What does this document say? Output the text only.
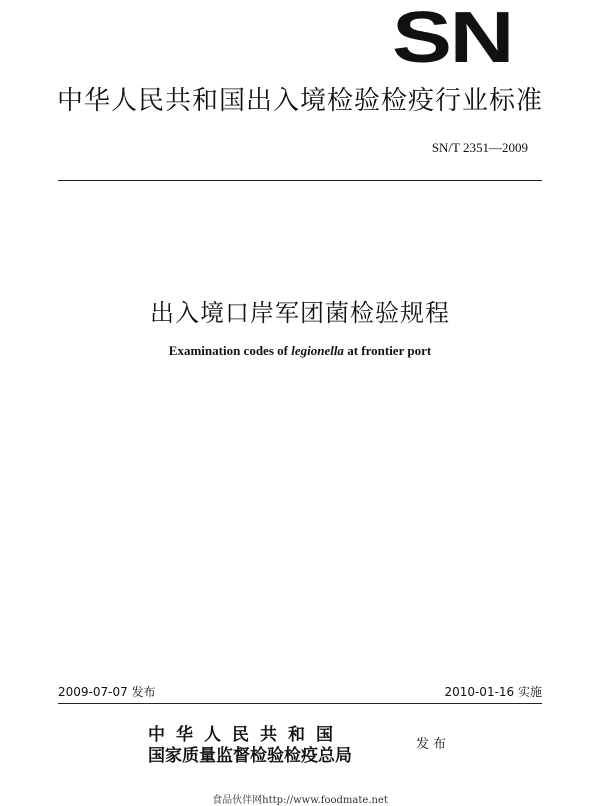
SN
中华人民共和国出入境检验检疫行业标准
SN/T 2351—2009
出入境口岸军团菌检验规程
Examination codes of legionella at frontier port
2009-07-07 发布	2010-01-16 实施
中华人民共和国
国家质量监督检验检疫总局
发布
食品伙伴网http://www.foodmate.net
